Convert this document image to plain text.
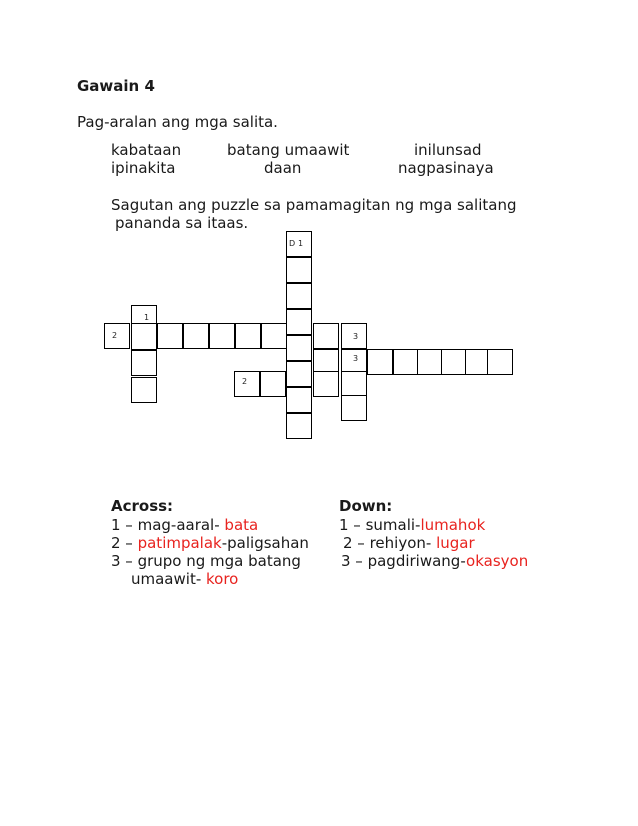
Gawain 4
Pag-aralan ang mga salita.
kabataan	batang umaawit	inilunsad
ipinakita	daan	nagpasinaya
Sagutan ang puzzle sa pamamagitan ng mga salitang
pananda sa itaas.
D 1
1
2	3
3
2
Across:
1 – mag-aaral- bata
2 – patimpalak-paligsahan
3 – grupo ng mga batang
umaawit- koro
Down:
1 – sumali-lumahok
2 – rehiyon- lugar
3 – pagdiriwang-okasyon
